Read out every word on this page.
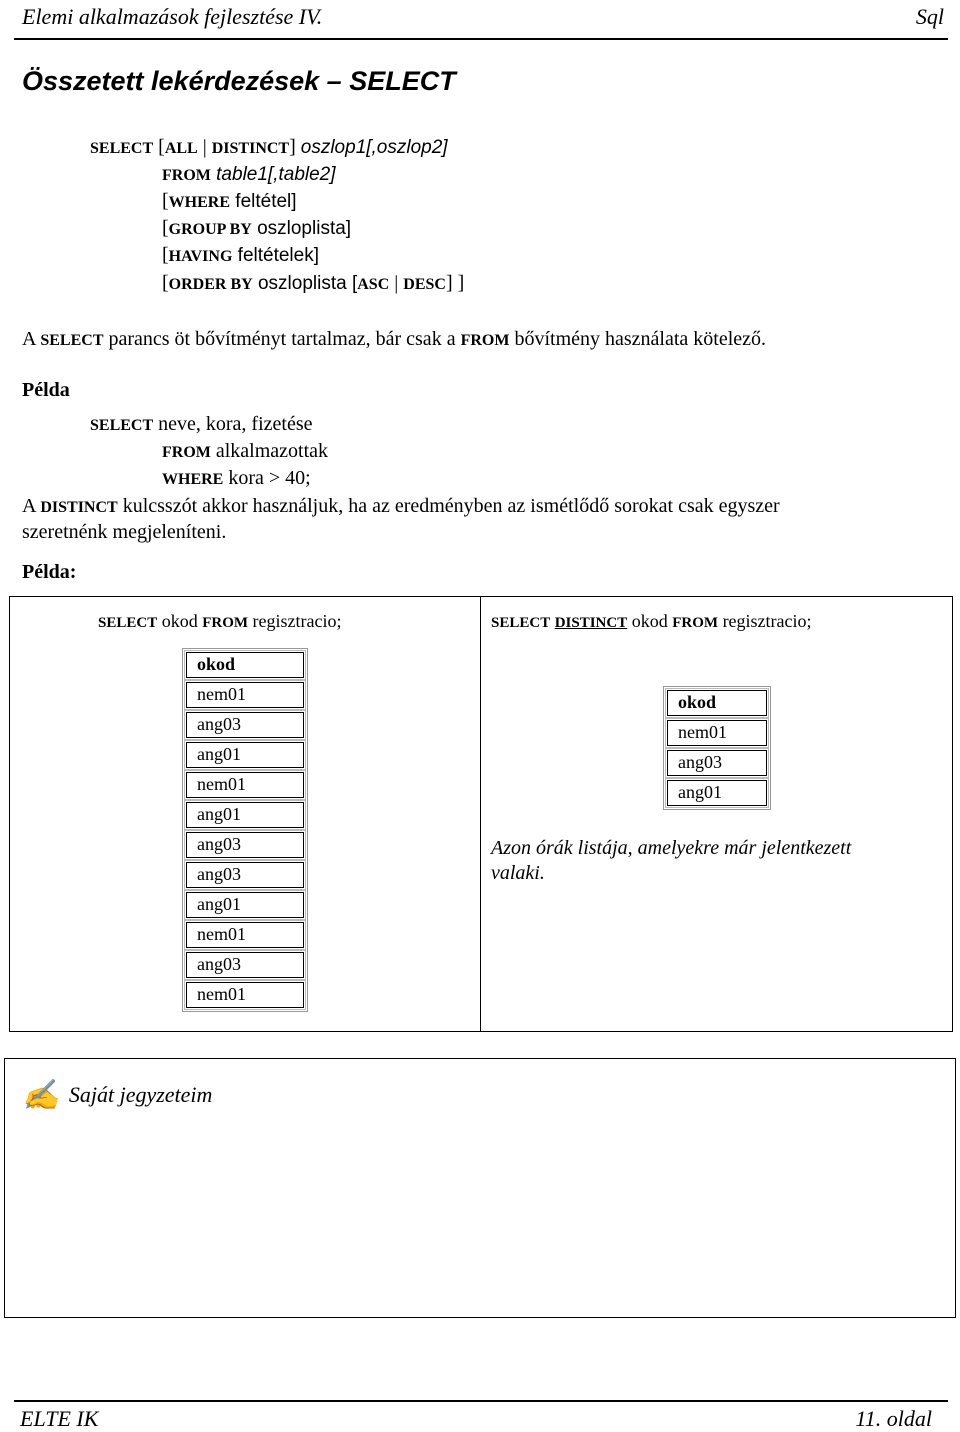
Elemi alkalmazások fejlesztése IV.	Sql
Összetett lekérdezések – SELECT
SELECT [ALL | DISTINCT] oszlop1[,oszlop2]
FROM table1[,table2]
[WHERE feltétel]
[GROUP BY oszloplista]
[HAVING feltételek]
[ORDER BY oszloplista [ASC | DESC] ]
A SELECT parancs öt bővítményt tartalmaz, bár csak a FROM bővítmény használata kötelező.
Példa
SELECT neve, kora, fizetése
FROM alkalmazottak
WHERE kora > 40;
A DISTINCT kulcsszót akkor használjuk, ha az eredményben az ismétlődő sorokat csak egyszer
szeretnénk megjeleníteni.
Példa:
SELECT okod FROM regisztracio;	SELECT DISTINCT okod FROM regisztracio;
okod
nem01
ang03
ang01
nem01
ang01
ang03
ang03
ang01
nem01
ang03
nem01
okod
nem01
ang03
ang01
Azon órák listája, amelyekre már jelentkezett
valaki.
✍ Saját jegyzeteim
ELTE IK	11. oldal
